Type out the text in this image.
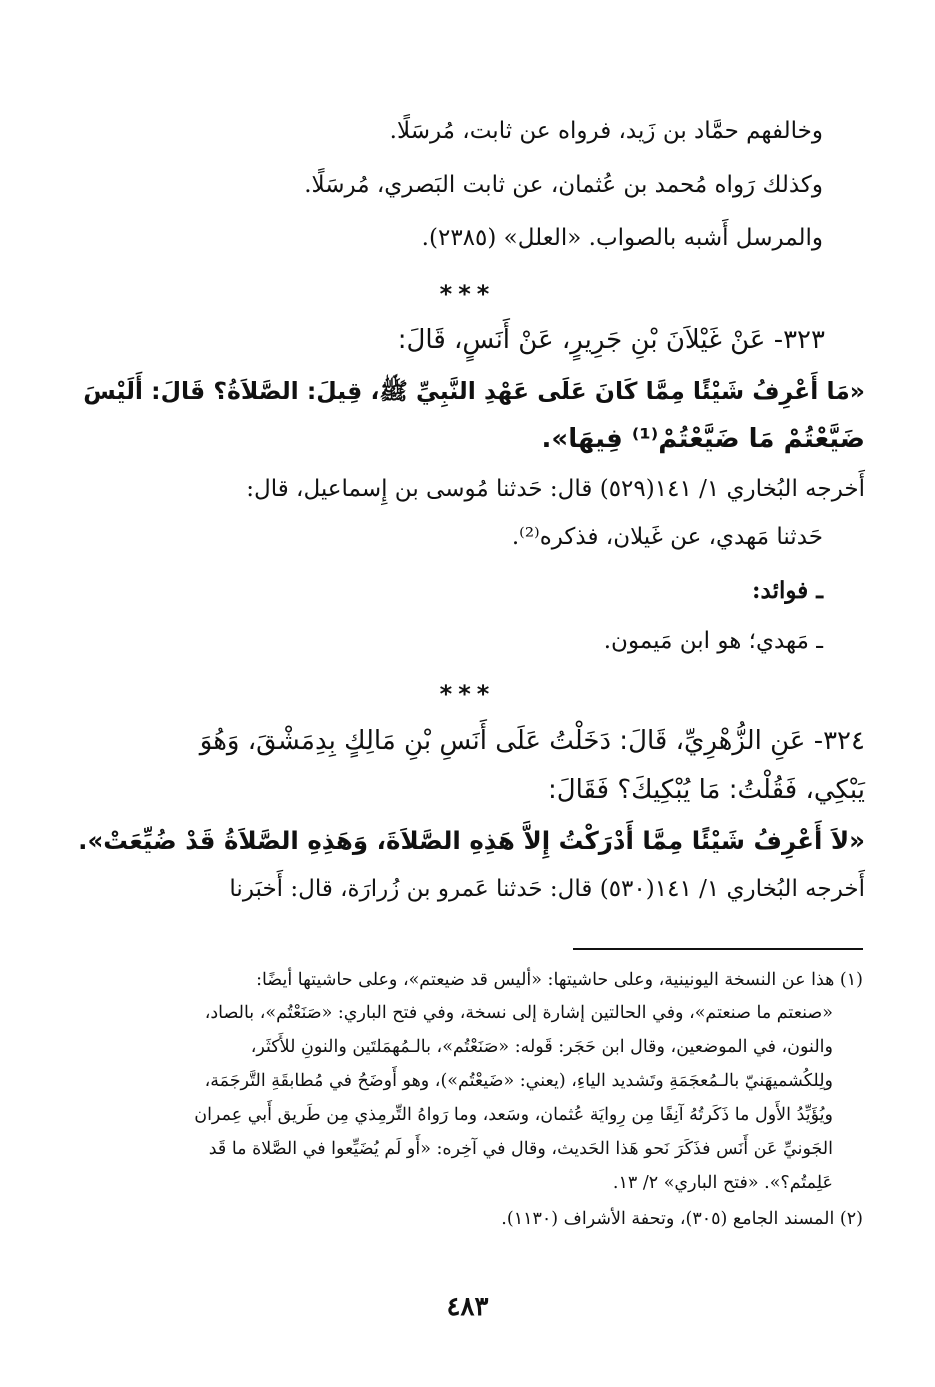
وخالفهم حمَّاد بن زَيد، فرواه عن ثابت، مُرسَلًا.
وكذلك رَواه مُحمد بن عُثمان، عن ثابت البَصري، مُرسَلًا.
والمرسل أَشبه بالصواب. «العلل» (٢٣٨٥).
***
٣٢٣- عَنْ غَيْلاَنَ بْنِ جَرِيرٍ، عَنْ أَنَسٍ، قَالَ:
«مَا أَعْرِفُ شَيْئًا مِمَّا كَانَ عَلَى عَهْدِ النَّبِيِّ ﷺ، قِيلَ: الصَّلاَةُ؟ قَالَ: أَلَيْسَ
ضَيَّعْتُمْ مَا ضَيَّعْتُمْ⁽¹⁾ فِيهَا».
أَخرجه البُخاري ١/ ١٤١(٥٢٩) قال: حَدثنا مُوسى بن إِسماعيل، قال:
حَدثنا مَهدي، عن غَيلان، فذكره⁽²⁾.
ـ فوائد:
ـ مَهدي؛ هو ابن مَيمون.
***
٣٢٤- عَنِ الزُّهْرِيِّ، قَالَ: دَخَلْتُ عَلَى أَنَسِ بْنِ مَالِكٍ بِدِمَشْقَ، وَهُوَ
يَبْكِي، فَقُلْتُ: مَا يُبْكِيكَ؟ فَقَالَ:
«لاَ أَعْرِفُ شَيْئًا مِمَّا أَدْرَكْتُ إِلاَّ هَذِهِ الصَّلاَةَ، وَهَذِهِ الصَّلاَةُ قَدْ ضُيِّعَتْ».
أَخرجه البُخاري ١/ ١٤١(٥٣٠) قال: حَدثنا عَمرو بن زُرارَة، قال: أَخبَرنا
(١) هذا عن النسخة اليونينية، وعلى حاشيتها: «أليس قد ضيعتم»، وعلى حاشيتها أيضًا:
«صنعتم ما صنعتم»، وفي الحالتين إشارة إلى نسخة، وفي فتح الباري: «صَنَعْتُم»، بالصاد،
والنون، في الموضعين، وقال ابن حَجَر: قَوله: «صَنَعْتُم»، بالـمُهمَلتَين والنونِ للأَكثَر،
ولِلكُشميهَنيّ بالـمُعجَمَةِ وتَشديد الياءِ، (يعني: «ضَيعْتُم»)، وهو أَوضَحُ في مُطابقَةِ التَّرجَمَة،
ويُؤَيِّدُ الأَول ما ذَكَرتُهُ آنِفًا مِن رِوايَة عُثمان، وسَعد، وما رَواهُ التِّرمِذي مِن طَريق أَبي عِمران
الجَونيِّ عَن أَنَس فذَكَرَ نَحو هَذا الحَديث، وقال في آخِره: «أَو لَم يُضَيِّعوا في الصَّلاة ما قَد
عَلِمتُم؟». «فتح الباري» ٢/ ١٣.
(٢) المسند الجامع (٣٠٥)، وتحفة الأشراف (١١٣٠).
٤٨٣
